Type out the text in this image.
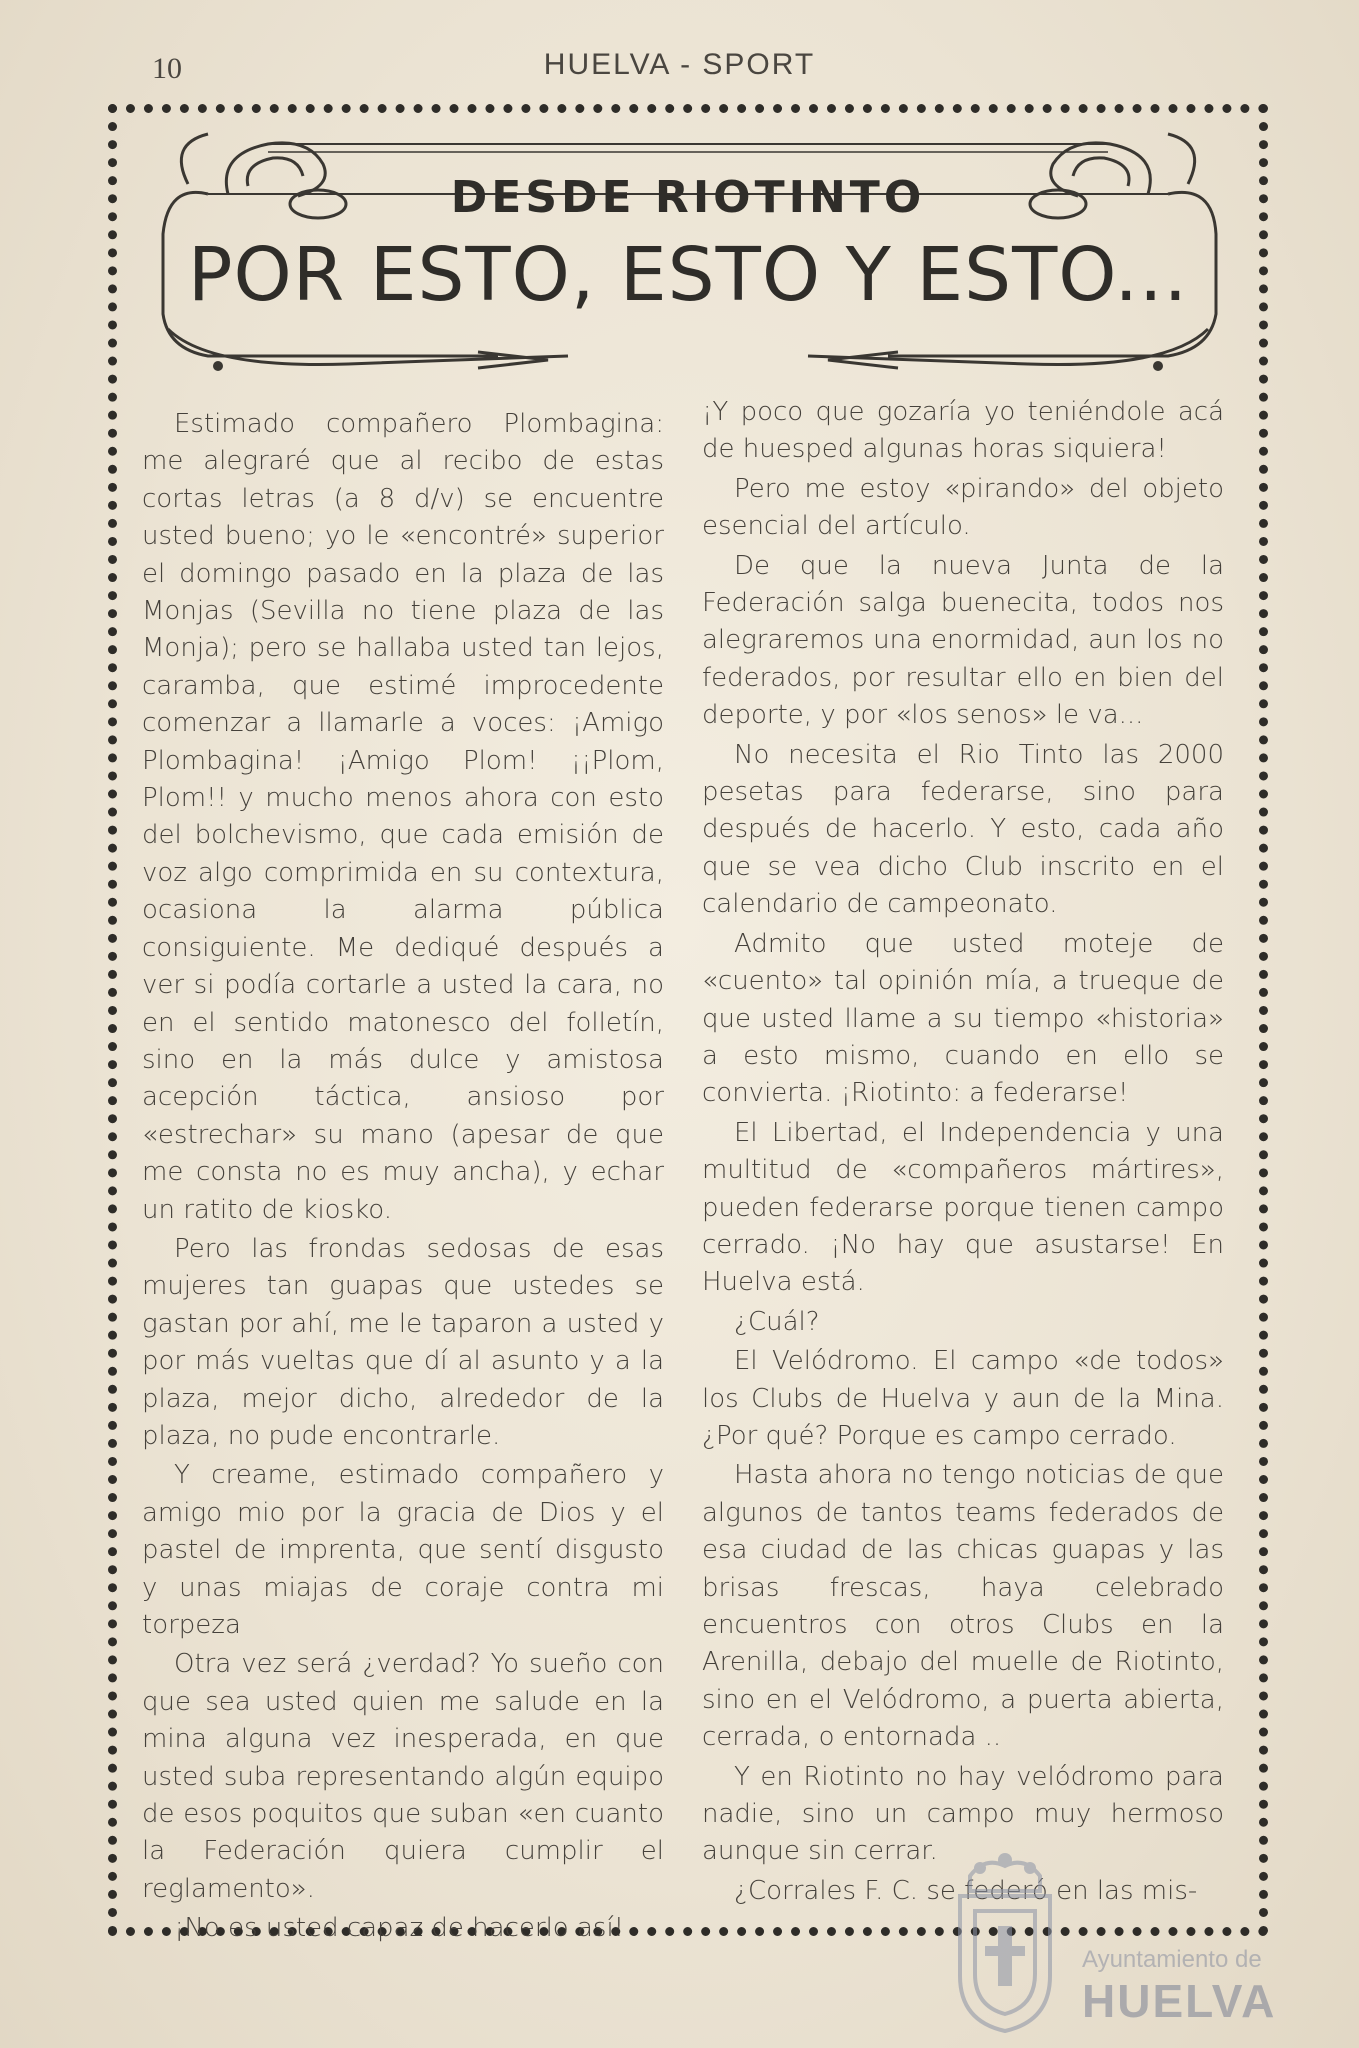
10	HUELVA - SPORT
DESDE RIOTINTO
POR ESTO, ESTO Y ESTO...

Estimado compañero Plombagina: me alegraré que al recibo de estas cortas letras (a 8 d/v) se encuentre usted bueno; yo le «encontré» superior el domingo pasado en la plaza de las Monjas (Sevilla no tiene plaza de las Monja); pero se hallaba usted tan lejos, caramba, que estimé improcedente comenzar a llamarle a voces: ¡Amigo Plombagina! ¡Amigo Plom! ¡¡Plom, Plom!! y mucho menos ahora con esto del bolchevismo, que cada emisión de voz algo comprimida en su contextura, ocasiona la alarma pública consiguiente. Me dediqué después a ver si podía cortarle a usted la cara, no en el sentido matonesco del folletín, sino en la más dulce y amistosa acepción táctica, ansioso por «estrechar» su mano (apesar de que me consta no es muy ancha), y echar un ratito de kiosko.

Pero las frondas sedosas de esas mujeres tan guapas que ustedes se gastan por ahí, me le taparon a usted y por más vueltas que dí al asunto y a la plaza, mejor dicho, alrededor de la plaza, no pude encontrarle.

Y creame, estimado compañero y amigo mio por la gracia de Dios y el pastel de imprenta, que sentí disgusto y unas miajas de coraje contra mi torpeza

Otra vez será ¿verdad? Yo sueño con que sea usted quien me salude en la mina alguna vez inesperada, en que usted suba representando algún equipo de esos poquitos que suban «en cuanto la Federación quiera cumplir el reglamento».

¡No es usted capaz de hacerlo así!

¡Y poco que gozaría yo teniéndole acá de huesped algunas horas siquiera!

Pero me estoy «pirando» del objeto esencial del artículo.

De que la nueva Junta de la Federación salga buenecita, todos nos alegraremos una enormidad, aun los no federados, por resultar ello en bien del deporte, y por «los senos» le va...

No necesita el Rio Tinto las 2000 pesetas para federarse, sino para después de hacerlo. Y esto, cada año que se vea dicho Club inscrito en el calendario de campeonato.

Admito que usted moteje de «cuento» tal opinión mía, a trueque de que usted llame a su tiempo «historia» a esto mismo, cuando en ello se convierta. ¡Riotinto: a federarse!

El Libertad, el Independencia y una multitud de «compañeros mártires», pueden federarse porque tienen campo cerrado. ¡No hay que asustarse! En Huelva está.

¿Cuál?

El Velódromo. El campo «de todos» los Clubs de Huelva y aun de la Mina. ¿Por qué? Porque es campo cerrado.

Hasta ahora no tengo noticias de que algunos de tantos teams federados de esa ciudad de las chicas guapas y las brisas frescas, haya celebrado encuentros con otros Clubs en la Arenilla, debajo del muelle de Riotinto, sino en el Velódromo, a puerta abierta, cerrada, o entornada ..

Y en Riotinto no hay velódromo para nadie, sino un campo muy hermoso aunque sin cerrar.

¿Corrales F. C. se federó en las mis-

Ayuntamiento de
HUELVA
